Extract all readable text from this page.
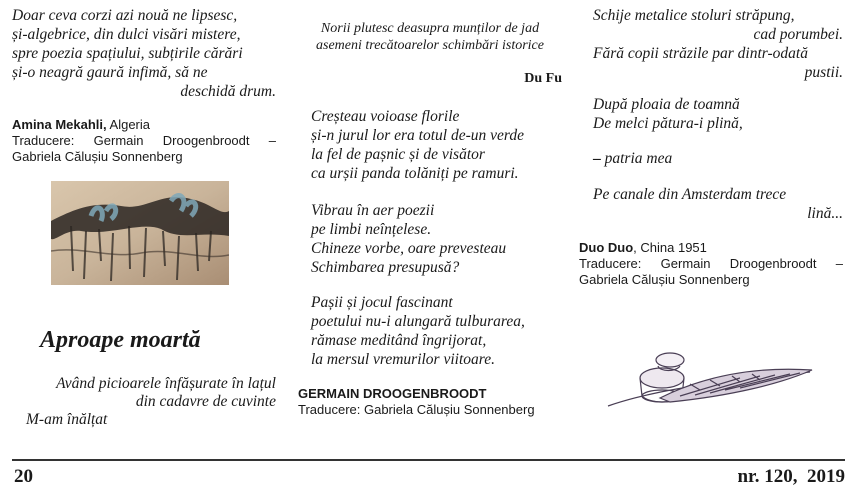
Doar ceva corzi azi nouă ne lipsesc,
și-algebrice, din dulci visări mistere,
spre poezia spațiului, subțirile cărări
și-o neagră gaură infimă, să ne
deschidă drum.
Amina Mekahli, Algeria
Traducere: Germain Droogenbroodt –
Gabriela Călușiu Sonnenberg
Aproape moartă
Având picioarele înfășurate în lațul
din cadavre de cuvinte
M-am înălțat
Norii plutesc deasupra munților de jad
asemeni trecătoarelor schimbări istorice
Du Fu
Creșteau voioase florile
și-n jurul lor era totul de-un verde
la fel de pașnic și de visător
ca urșii panda tolăniți pe ramuri.
Vibrau în aer poezii
pe limbi neînțelese.
Chineze vorbe, oare prevesteau
Schimbarea presupusă?
Pașii și jocul fascinant
poetului nu-i alungară tulburarea,
rămase meditând îngrijorat,
la mersul vremurilor viitoare.
GERMAIN DROOGENBROODT
Traducere: Gabriela Călușiu Sonnenberg
Schije metalice stoluri străpung,
cad porumbei.
Fără copii străzile par dintr-odată
pustii.
După ploaia de toamnă
De melci pătura-i plină,
– patria mea
Pe canale din Amsterdam trece
lină...
Duo Duo, China 1951
Traducere: Germain Droogenbroodt –
Gabriela Călușiu Sonnenberg
20	nr. 120,  2019
